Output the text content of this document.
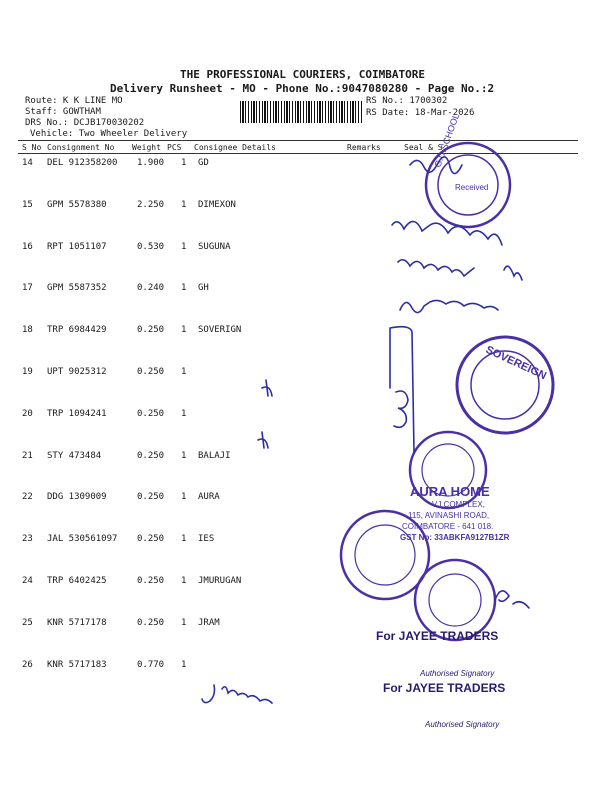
THE PROFESSIONAL COURIERS, COIMBATORE
Delivery Runsheet - MO - Phone No.:9047080280 - Page No.:2
Route: K K LINE MO
Staff: GOWTHAM
DRS No.: DCJB170030202
Vehicle: Two Wheeler Delivery
RS No.: 1700302
RS Date: 18-Mar-2026
S No Consignment No Weight PCS Consignee Details	Remarks	Seal & S
14 DEL 912358200 1.900 1 GD
15 GPM 5578380	2.250 1 DIMEXON
16 RPT 1051107	0.530 1 SUGUNA
17 GPM 5587352	0.240 1 GH
18 TRP 6984429	0.250 1 SOVERIGN
19 UPT 9025312	0.250 1
20 TRP 1094241	0.250 1
21 STY 473484	0.250 1 BALAJI
22 DDG 1309009	0.250 1 AURA
23 JAL 530561097 0.250 1 IES
24 TRP 6402425	0.250 1 JMURUGAN
25 KNR 5717178	0.250 1 JRAM
26 KNR 5717183	0.770 1
G.D.SCHOOL
Received
SOVEREIGN
AURA HOME
VJ COMPLEX,
115, AVINASHI ROAD,
COIMBATORE - 641 018.
GST No: 33ABKFA9127B1ZR
For JAYEE TRADERS
Authorised Signatory
For JAYEE TRADERS
Authorised Signatory
